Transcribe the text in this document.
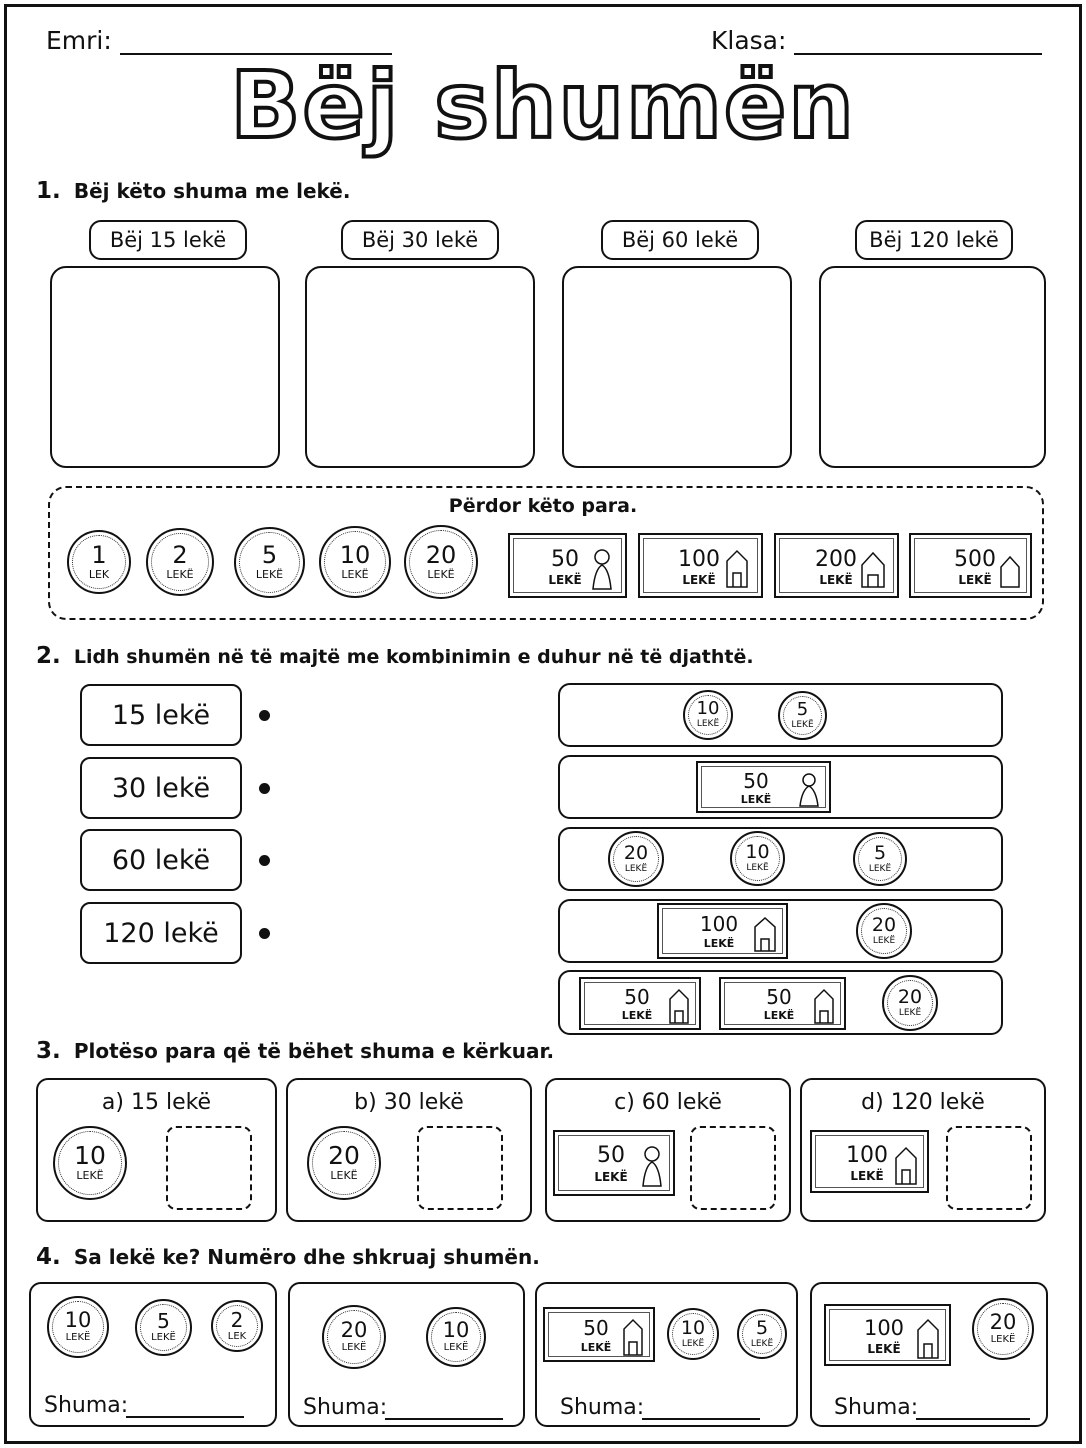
Emri:	Klasa:
Bëj shumën
1. Bëj këto shuma me lekë.
Bëj 15 lekë	Bëj 30 lekë	Bëj 60 lekë	Bëj 120 lekë
Përdor këto para.
1
LEK
2
LEKË
5
LEKË
10
LEKË
20
LEKË
50
LEKË
100
LEKË
200
LEKË
500
LEKË
2. Lidh shumën në të majtë me kombinimin e duhur në të djathtë.
15 lekë
30 lekë
60 lekë
120 lekë
10
LEKË
5
LEKË
50
LEKË
20
LEKË
10
LEKË
5
LEKË
100
LEKË
20
LEKË
50
LEKË
50
LEKË
20
LEKË
3. Plotëso para që të bëhet shuma e kërkuar.
a) 15 lekë
10
LEKË
b) 30 lekë
20
LEKË
c) 60 lekë
50
LEKË
d) 120 lekë
100
LEKË
4. Sa lekë ke? Numëro dhe shkruaj shumën.
10
LEKË
5
LEKË
2
LEK
Shuma:
20
LEKË
10
LEKË
Shuma:
50
LEKË
10
LEKË
5
LEKË
Shuma:
100
LEKË
20
LEKË
Shuma:
